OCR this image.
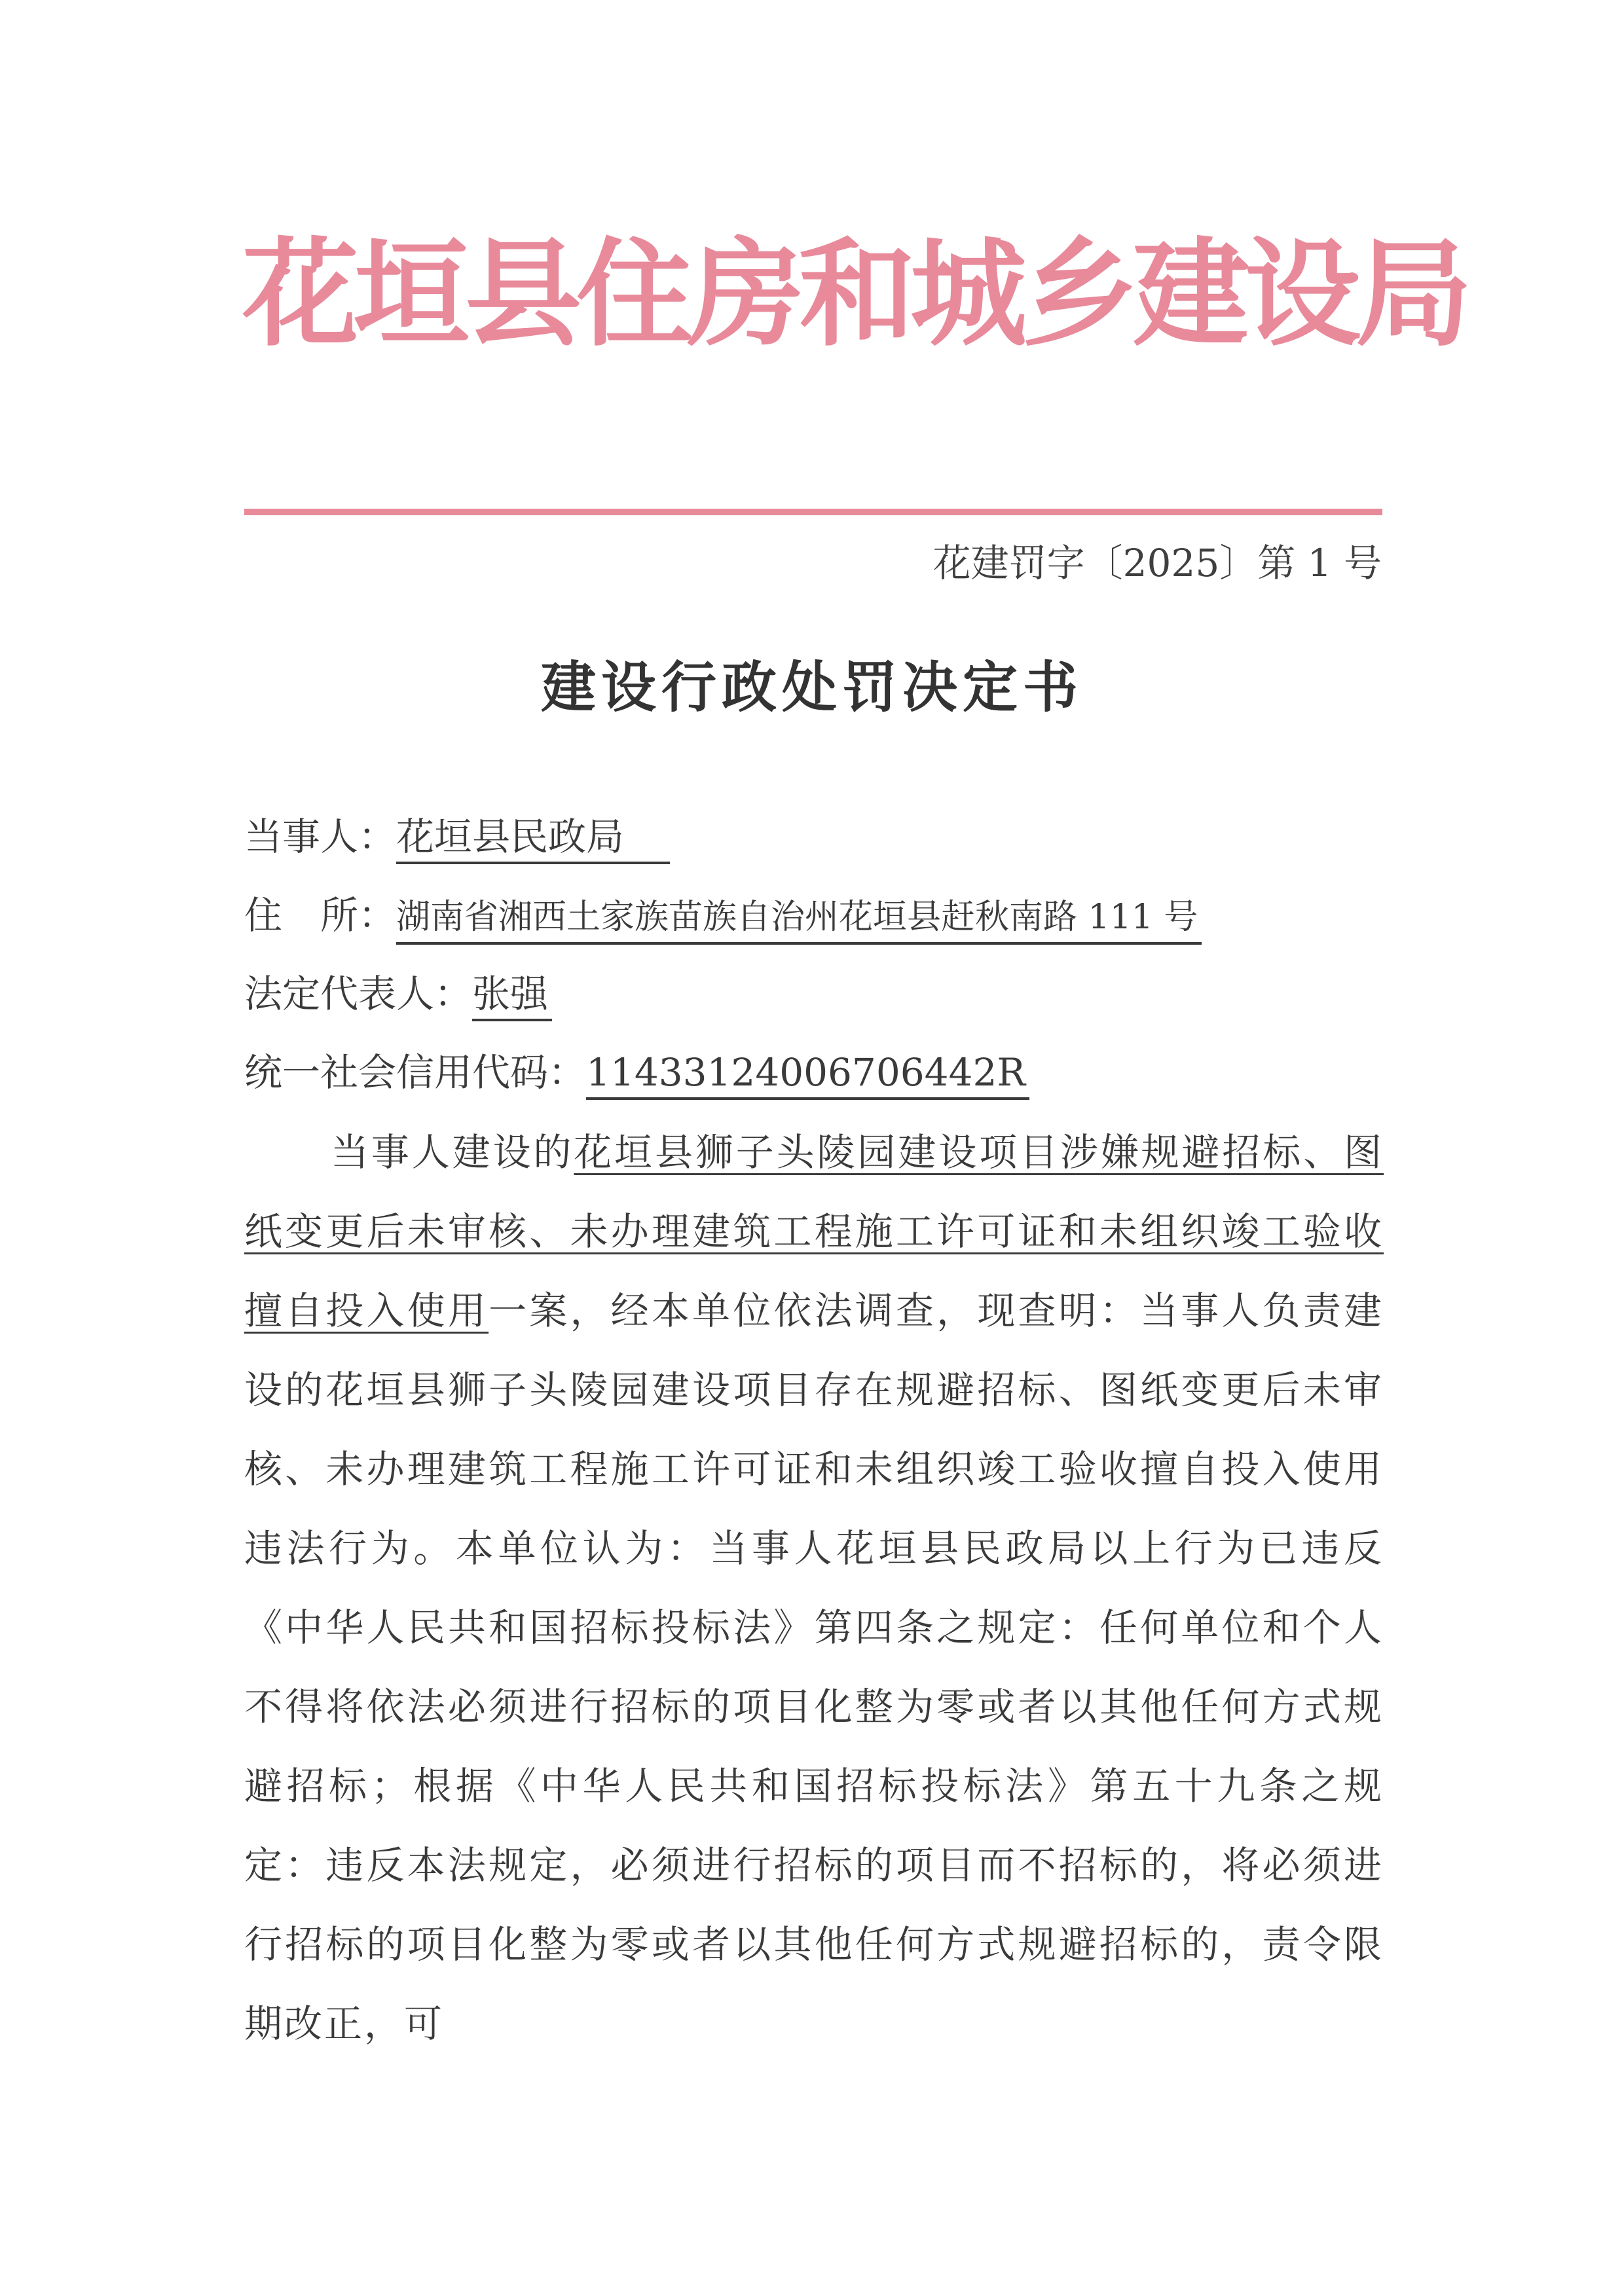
花垣县住房和城乡建设局
花建罚字〔2025〕第 1 号
建设行政处罚决定书
当事人：花垣县民政局
住　所：湖南省湘西土家族苗族自治州花垣县赶秋南路 111 号
法定代表人：张强
统一社会信用代码：11433124006706442R
当事人建设的花垣县狮子头陵园建设项目涉嫌规避招标、图纸变更后未审核、未办理建筑工程施工许可证和未组织竣工验收擅自投入使用一案，经本单位依法调查，现查明：当事人负责建设的花垣县狮子头陵园建设项目存在规避招标、图纸变更后未审核、未办理建筑工程施工许可证和未组织竣工验收擅自投入使用违法行为。本单位认为：当事人花垣县民政局以上行为已违反《中华人民共和国招标投标法》第四条之规定：任何单位和个人不得将依法必须进行招标的项目化整为零或者以其他任何方式规避招标；根据《中华人民共和国招标投标法》第五十九条之规定：违反本法规定，必须进行招标的项目而不招标的，将必须进行招标的项目化整为零或者以其他任何方式规避招标的，责令限期改正，可
